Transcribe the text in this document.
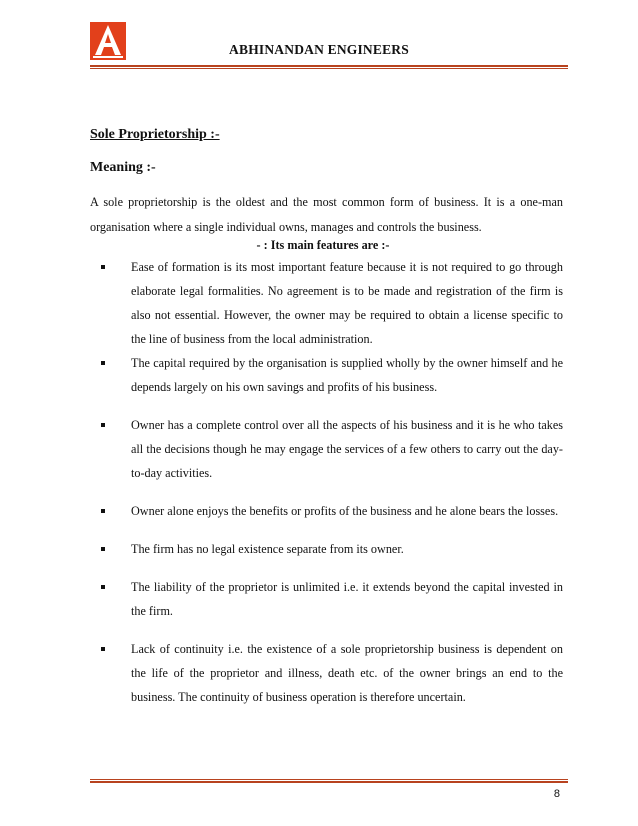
ABHINANDAN ENGINEERS
Sole Proprietorship :-
Meaning :-
A sole proprietorship is the oldest and the most common form of business. It is a one-man organisation where a single individual owns, manages and controls the business.
- : Its main features are :-
Ease of formation is its most important feature because it is not required to go through elaborate legal formalities. No agreement is to be made and registration of the firm is also not essential. However, the owner may be required to obtain a license specific to the line of business from the local administration.
The capital required by the organisation is supplied wholly by the owner himself and he depends largely on his own savings and profits of his business.
Owner has a complete control over all the aspects of his business and it is he who takes all the decisions though he may engage the services of a few others to carry out the day-to-day activities.
Owner alone enjoys the benefits or profits of the business and he alone bears the losses.
The firm has no legal existence separate from its owner.
The liability of the proprietor is unlimited i.e. it extends beyond the capital invested in the firm.
Lack of continuity i.e. the existence of a sole proprietorship business is dependent on the life of the proprietor and illness, death etc. of the owner brings an end to the business. The continuity of business operation is therefore uncertain.
8
